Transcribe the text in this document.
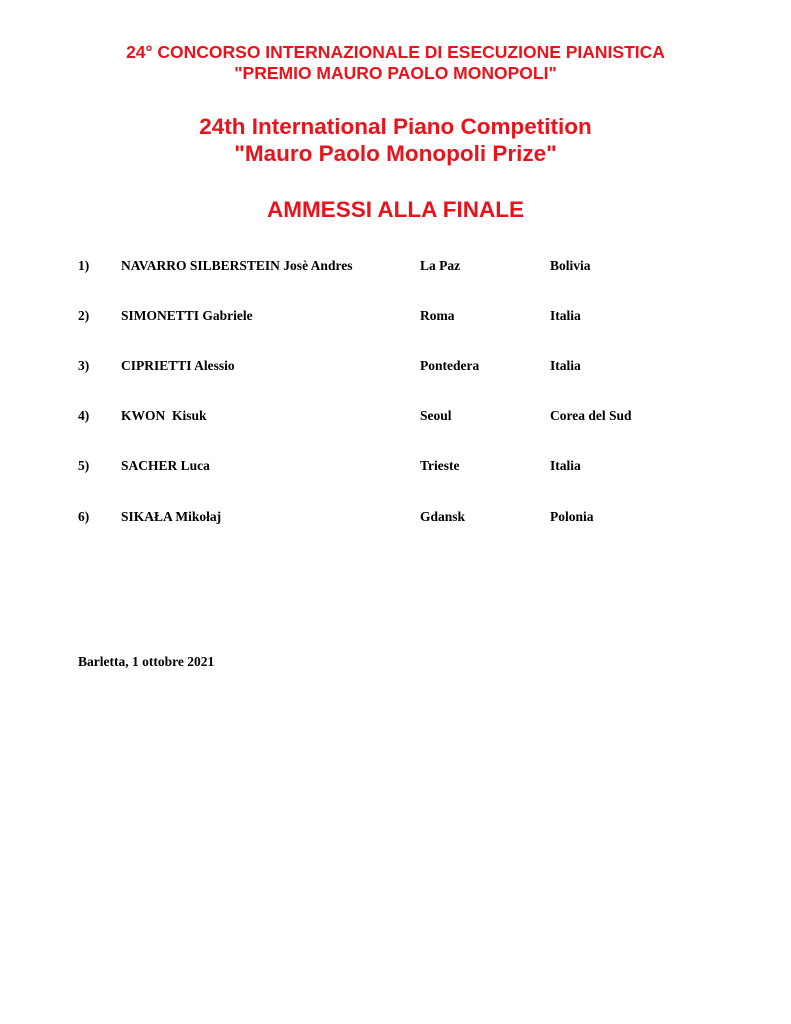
24° CONCORSO INTERNAZIONALE DI ESECUZIONE PIANISTICA
"PREMIO MAURO PAOLO MONOPOLI"
24th International Piano Competition
"Mauro Paolo Monopoli Prize"
AMMESSI ALLA FINALE
1) NAVARRO SILBERSTEIN Josè Andres	La Paz	Bolivia
2) SIMONETTI Gabriele	Roma	Italia
3) CIPRIETTI Alessio	Pontedera	Italia
4) KWON  Kisuk	Seoul	Corea del Sud
5) SACHER Luca	Trieste	Italia
6) SIKAŁA Mikołaj	Gdansk	Polonia
Barletta, 1 ottobre 2021
